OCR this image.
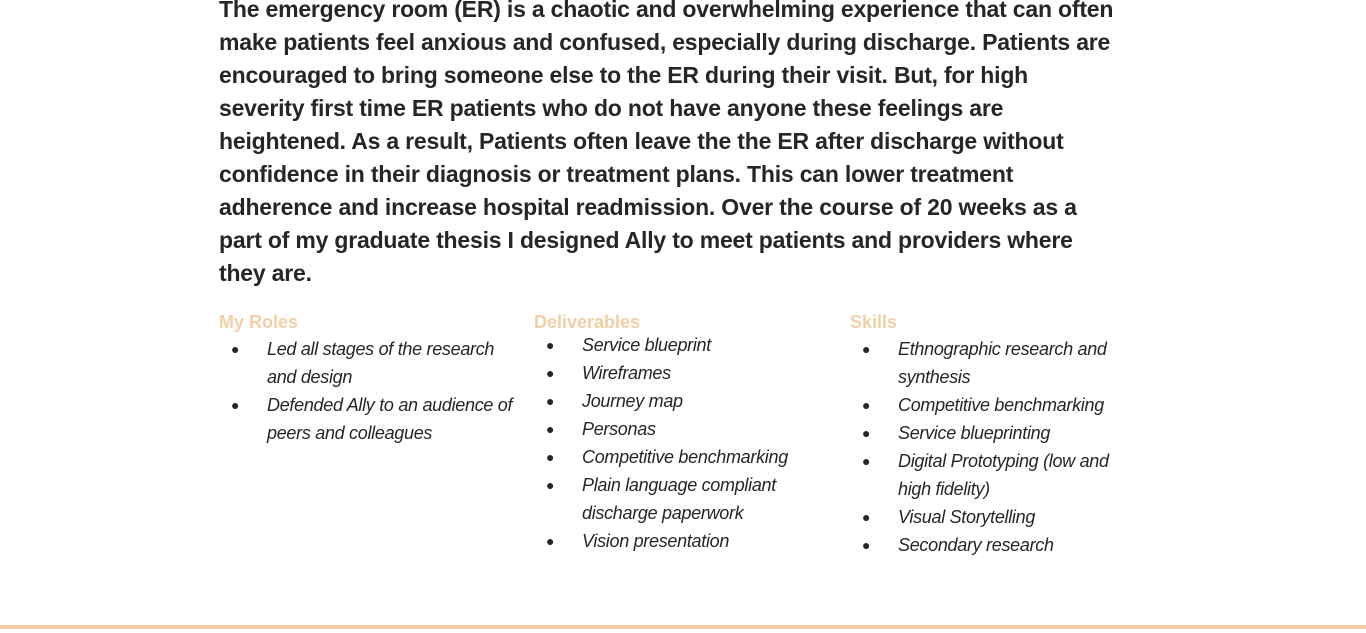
The emergency room (ER) is a chaotic and overwhelming experience that can often make patients feel anxious and confused, especially during discharge. Patients are encouraged to bring someone else to the ER during their visit. But, for high severity first time ER patients who do not have anyone these feelings are heightened. As a result, Patients often leave the the ER after discharge without confidence in their diagnosis or treatment plans. This can lower treatment adherence and increase hospital readmission. Over the course of 20 weeks as a part of my graduate thesis I designed Ally to meet patients and providers where they are.

My Roles
● Led all stages of the research and design
● Defended Ally to an audience of peers and colleagues
Deliverables
● Service blueprint
● Wireframes
● Journey map
● Personas
● Competitive benchmarking
● Plain language compliant discharge paperwork
● Vision presentation
Skills
● Ethnographic research and synthesis
● Competitive benchmarking
● Service blueprinting
● Digital Prototyping (low and high fidelity)
● Visual Storytelling
● Secondary research
